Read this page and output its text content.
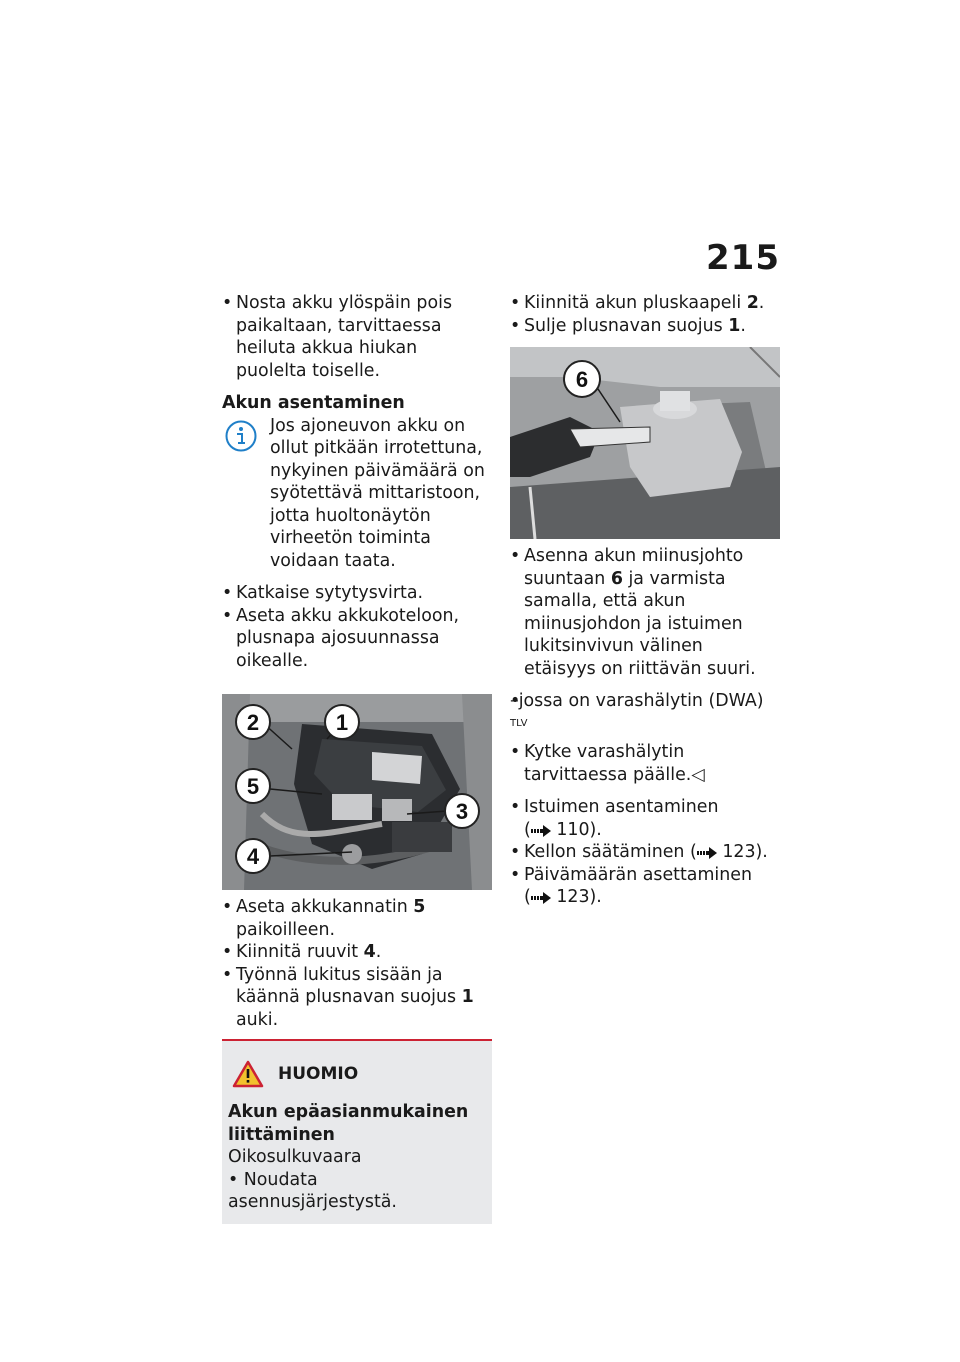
215

• Nosta akku ylöspäin pois paikaltaan, tarvittaessa heiluta akkua hiukan puolelta toiselle.

Akun asentaminen
Jos ajoneuvon akku on ollut pitkään irrotettuna, nykyinen päivämäärä on syötettävä mittaristoon, jotta huoltonäytön virheetön toiminta voidaan taata.

• Katkaise sytytysvirta.

• Aseta akku akkukoteloon, plusnapa ajosuunnassa oikealle.

2	1
5
3
4

• Aseta akkukannatin 5 paikoilleen.

• Kiinnitä ruuvit 4.

• Työnnä lukitus sisään ja käännä plusnavan suojus 1 auki.

HUOMIO
Akun epäasianmukainen liittäminen
Oikosulkuvaara
• Noudata asennusjärjestystä.

• Kiinnitä akun pluskaapeli 2.

• Sulje plusnavan suojus 1.

6

• Asenna akun miinusjohto suuntaan 6 ja varmista samalla, että akun miinusjohdon ja istuimen lukitsinvivun välinen etäisyys on riittävän suuri.

• –jossa on varashälytin (DWA) $^{TLV}$

• Kytke varashälytin tarvittaessa päälle.◁

• Istuimen asentaminen
( 110).

• Kellon säätäminen ( 123).

• Päivämäärän asettaminen
( 123).
